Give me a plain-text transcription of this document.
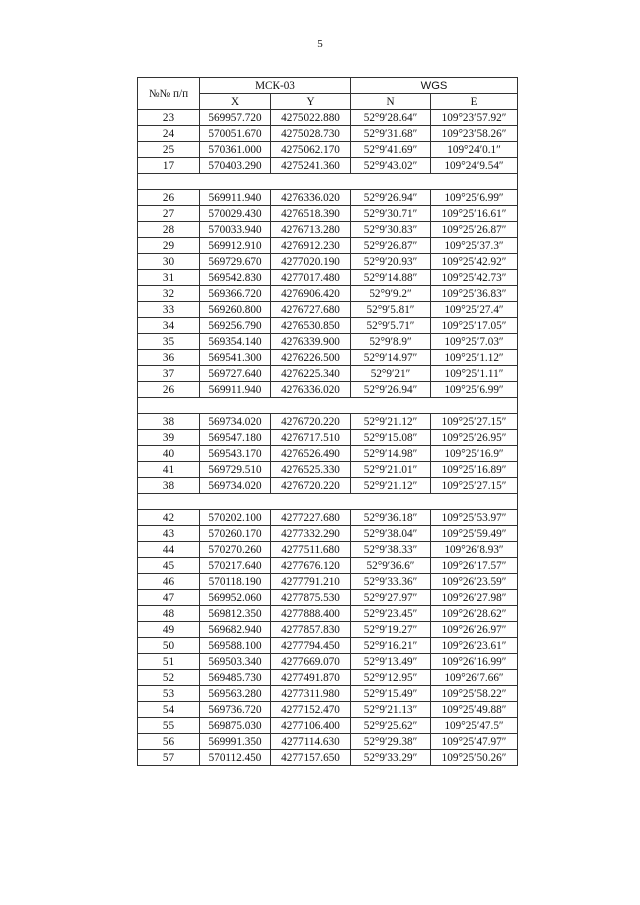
5
№№ п/п	МСК-03		WGS	
	X	Y	N	E
23	569957.720	4275022.880	52°9′28.64″	109°23′57.92″
24	570051.670	4275028.730	52°9′31.68″	109°23′58.26″
25	570361.000	4275062.170	52°9′41.69″	109°24′0.1″
17	570403.290	4275241.360	52°9′43.02″	109°24′9.54″

26	569911.940	4276336.020	52°9′26.94″	109°25′6.99″
27	570029.430	4276518.390	52°9′30.71″	109°25′16.61″
28	570033.940	4276713.280	52°9′30.83″	109°25′26.87″
29	569912.910	4276912.230	52°9′26.87″	109°25′37.3″
30	569729.670	4277020.190	52°9′20.93″	109°25′42.92″
31	569542.830	4277017.480	52°9′14.88″	109°25′42.73″
32	569366.720	4276906.420	52°9′9.2″	109°25′36.83″
33	569260.800	4276727.680	52°9′5.81″	109°25′27.4″
34	569256.790	4276530.850	52°9′5.71″	109°25′17.05″
35	569354.140	4276339.900	52°9′8.9″	109°25′7.03″
36	569541.300	4276226.500	52°9′14.97″	109°25′1.12″
37	569727.640	4276225.340	52°9′21″	109°25′1.11″
26	569911.940	4276336.020	52°9′26.94″	109°25′6.99″

38	569734.020	4276720.220	52°9′21.12″	109°25′27.15″
39	569547.180	4276717.510	52°9′15.08″	109°25′26.95″
40	569543.170	4276526.490	52°9′14.98″	109°25′16.9″
41	569729.510	4276525.330	52°9′21.01″	109°25′16.89″
38	569734.020	4276720.220	52°9′21.12″	109°25′27.15″

42	570202.100	4277227.680	52°9′36.18″	109°25′53.97″
43	570260.170	4277332.290	52°9′38.04″	109°25′59.49″
44	570270.260	4277511.680	52°9′38.33″	109°26′8.93″
45	570217.640	4277676.120	52°9′36.6″	109°26′17.57″
46	570118.190	4277791.210	52°9′33.36″	109°26′23.59″
47	569952.060	4277875.530	52°9′27.97″	109°26′27.98″
48	569812.350	4277888.400	52°9′23.45″	109°26′28.62″
49	569682.940	4277857.830	52°9′19.27″	109°26′26.97″
50	569588.100	4277794.450	52°9′16.21″	109°26′23.61″
51	569503.340	4277669.070	52°9′13.49″	109°26′16.99″
52	569485.730	4277491.870	52°9′12.95″	109°26′7.66″
53	569563.280	4277311.980	52°9′15.49″	109°25′58.22″
54	569736.720	4277152.470	52°9′21.13″	109°25′49.88″
55	569875.030	4277106.400	52°9′25.62″	109°25′47.5″
56	569991.350	4277114.630	52°9′29.38″	109°25′47.97″
57	570112.450	4277157.650	52°9′33.29″	109°25′50.26″
